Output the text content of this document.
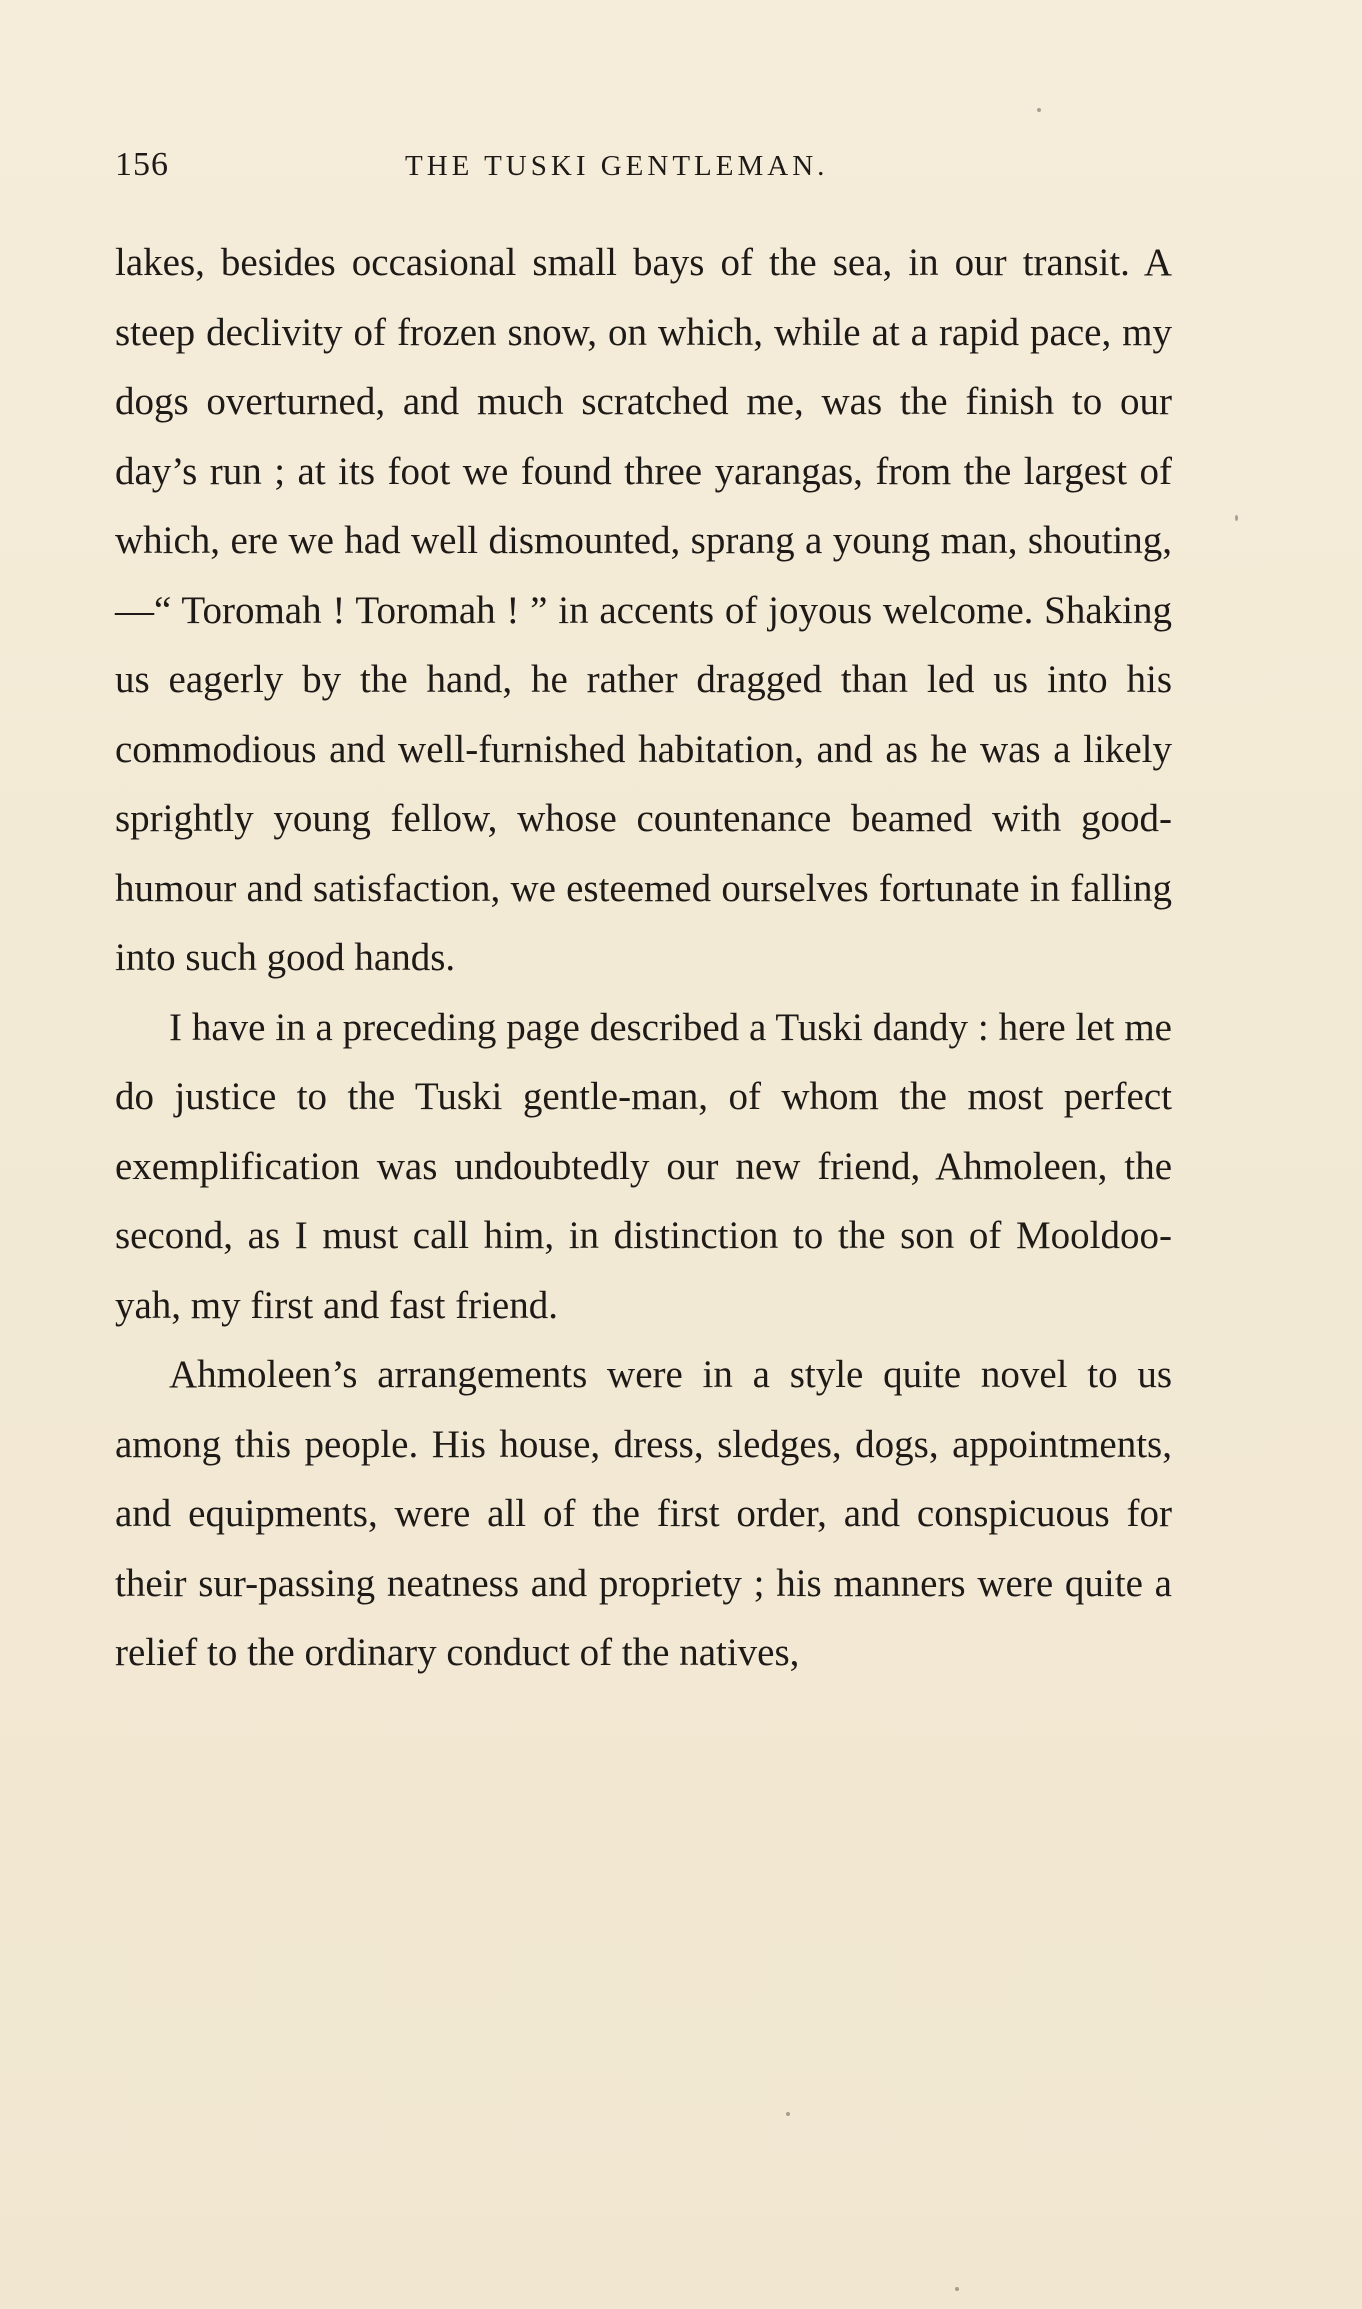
156	THE TUSKI GENTLEMAN.

lakes, besides occasional small bays of the sea, in our transit. A steep declivity of frozen snow, on which, while at a rapid pace, my dogs overturned, and much scratched me, was the finish to our day’s run ; at its foot we found three yarangas, from the largest of which, ere we had well dismounted, sprang a young man, shouting,—“ Toromah ! Toromah ! ” in accents of joyous welcome. Shaking us eagerly by the hand, he rather dragged than led us into his commodious and well-furnished habitation, and as he was a likely sprightly young fellow, whose countenance beamed with good-humour and satisfaction, we esteemed ourselves fortunate in falling into such good hands.

I have in a preceding page described a Tuski dandy : here let me do justice to the Tuski gentle-man, of whom the most perfect exemplification was undoubtedly our new friend, Ahmoleen, the second, as I must call him, in distinction to the son of Mooldoo-yah, my first and fast friend.

Ahmoleen’s arrangements were in a style quite novel to us among this people. His house, dress, sledges, dogs, appointments, and equipments, were all of the first order, and conspicuous for their sur-passing neatness and propriety ; his manners were quite a relief to the ordinary conduct of the natives,
